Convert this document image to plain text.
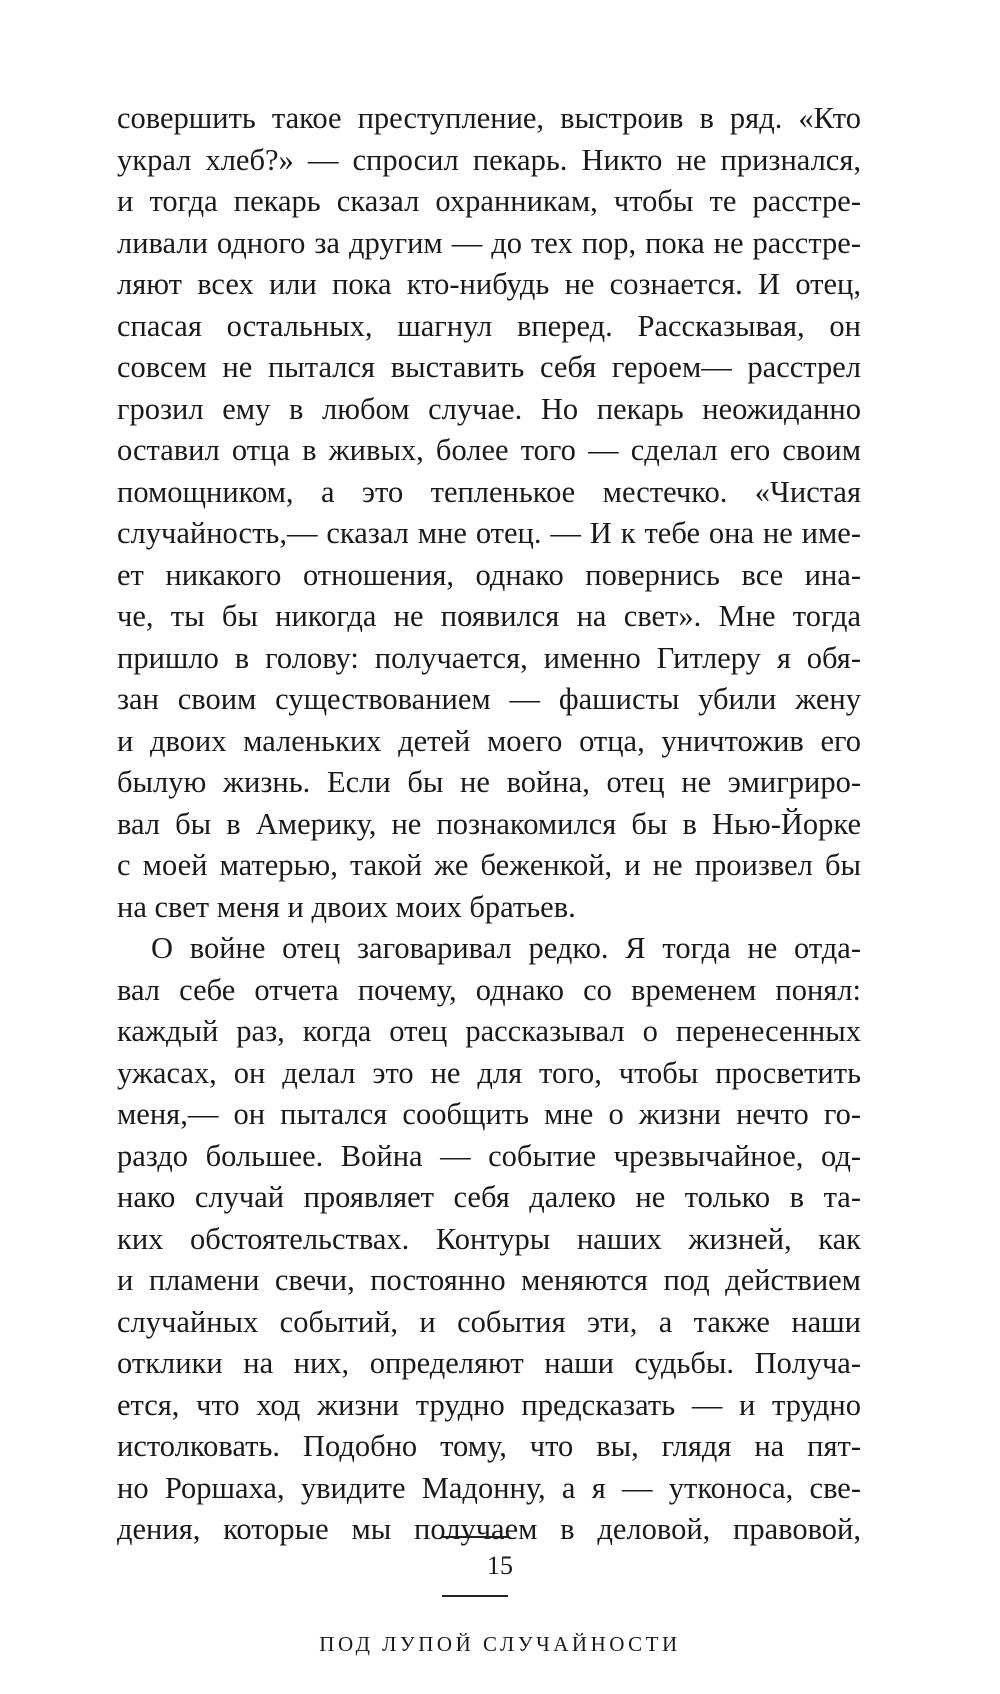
совершить такое преступление, выстроив в ряд. «Кто
украл хлеб?» — спросил пекарь. Никто не признался,
и тогда пекарь сказал охранникам, чтобы те расстре-
ливали одного за другим — до тех пор, пока не расстре-
ляют всех или пока кто-нибудь не сознается. И отец,
спасая остальных, шагнул вперед. Рассказывая, он
совсем не пытался выставить себя героем— расстрел
грозил ему в любом случае. Но пекарь неожиданно
оставил отца в живых, более того — сделал его своим
помощником, а это тепленькое местечко. «Чистая
случайность,— сказал мне отец. — И к тебе она не име-
ет никакого отношения, однако повернись все ина-
че, ты бы никогда не появился на свет». Мне тогда
пришло в голову: получается, именно Гитлеру я обя-
зан своим существованием — фашисты убили жену
и двоих маленьких детей моего отца, уничтожив его
былую жизнь. Если бы не война, отец не эмигриро-
вал бы в Америку, не познакомился бы в Нью-Йорке
с моей матерью, такой же беженкой, и не произвел бы
на свет меня и двоих моих братьев.
О войне отец заговаривал редко. Я тогда не отда-
вал себе отчета почему, однако со временем понял:
каждый раз, когда отец рассказывал о перенесенных
ужасах, он делал это не для того, чтобы просветить
меня,— он пытался сообщить мне о жизни нечто го-
раздо большее. Война — событие чрезвычайное, од-
нако случай проявляет себя далеко не только в та-
ких обстоятельствах. Контуры наших жизней, как
и пламени свечи, постоянно меняются под действием
случайных событий, и события эти, а также наши
отклики на них, определяют наши судьбы. Получа-
ется, что ход жизни трудно предсказать — и трудно
истолковать. Подобно тому, что вы, глядя на пят-
но Роршаха, увидите Мадонну, а я — утконоса, све-
дения, которые мы получаем в деловой, правовой,
15
ПОД ЛУПОЙ СЛУЧАЙНОСТИ
